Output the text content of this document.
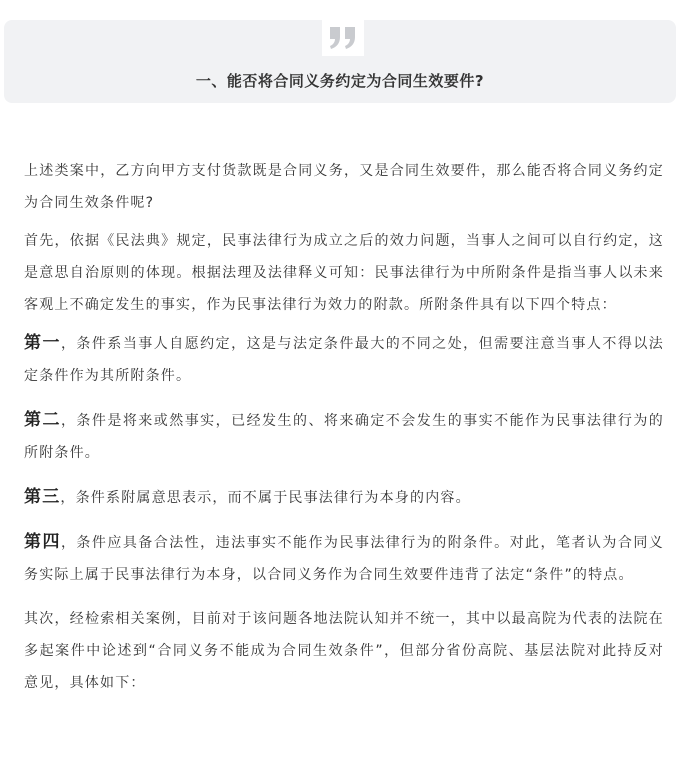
一、能否将合同义务约定为合同生效要件?

上述类案中，乙方向甲方支付货款既是合同义务，又是合同生效要件，那么能否将合同义务约定为合同生效条件呢?

首先，依据《民法典》规定，民事法律行为成立之后的效力问题，当事人之间可以自行约定，这是意思自治原则的体现。根据法理及法律释义可知：民事法律行为中所附条件是指当事人以未来客观上不确定发生的事实，作为民事法律行为效力的附款。所附条件具有以下四个特点：

第一，条件系当事人自愿约定，这是与法定条件最大的不同之处，但需要注意当事人不得以法定条件作为其所附条件。

第二，条件是将来或然事实，已经发生的、将来确定不会发生的事实不能作为民事法律行为的所附条件。

第三，条件系附属意思表示，而不属于民事法律行为本身的内容。

第四，条件应具备合法性，违法事实不能作为民事法律行为的附条件。对此，笔者认为合同义务实际上属于民事法律行为本身，以合同义务作为合同生效要件违背了法定“条件”的特点。

其次，经检索相关案例，目前对于该问题各地法院认知并不统一，其中以最高院为代表的法院在多起案件中论述到“合同义务不能成为合同生效条件”，但部分省份高院、基层法院对此持反对意见，具体如下：
